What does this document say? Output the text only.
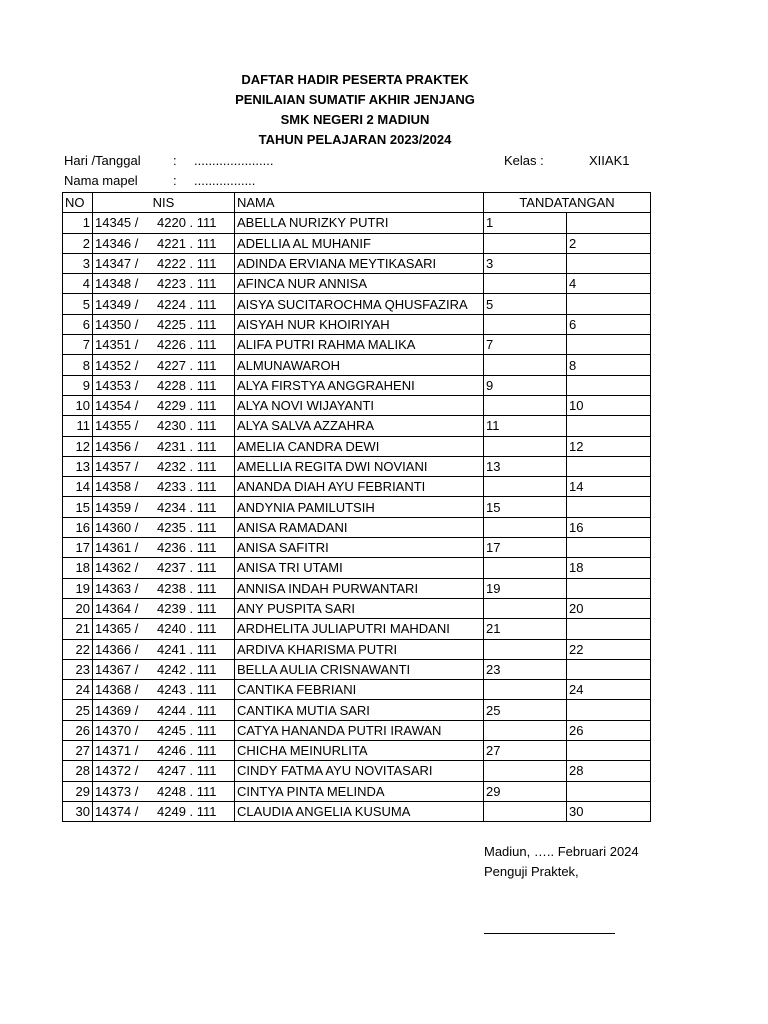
DAFTAR HADIR PESERTA PRAKTEK
PENILAIAN SUMATIF AKHIR JENJANG
SMK NEGERI 2 MADIUN
TAHUN PELAJARAN 2023/2024
Hari /Tanggal : ......................	Kelas :	XIIAK1
Nama mapel	: .................
NO	NIS	NAMA	TANDATANGAN	
1	14345 / 4220 . 111	ABELLA NURIZKY PUTRI	1	
2	14346 / 4221 . 111	ADELLIA AL MUHANIF		2
3	14347 / 4222 . 111	ADINDA ERVIANA MEYTIKASARI	3	
4	14348 / 4223 . 111	AFINCA NUR ANNISA		4
5	14349 / 4224 . 111	AISYA SUCITAROCHMA QHUSFAZIRA	5	
6	14350 / 4225 . 111	AISYAH NUR KHOIRIYAH		6
7	14351 / 4226 . 111	ALIFA PUTRI RAHMA MALIKA	7	
8	14352 / 4227 . 111	ALMUNAWAROH		8
9	14353 / 4228 . 111	ALYA FIRSTYA ANGGRAHENI	9	
10	14354 / 4229 . 111	ALYA NOVI WIJAYANTI		10
11	14355 / 4230 . 111	ALYA SALVA AZZAHRA	11	
12	14356 / 4231 . 111	AMELIA CANDRA DEWI		12
13	14357 / 4232 . 111	AMELLIA REGITA DWI NOVIANI	13	
14	14358 / 4233 . 111	ANANDA DIAH AYU FEBRIANTI		14
15	14359 / 4234 . 111	ANDYNIA PAMILUTSIH	15	
16	14360 / 4235 . 111	ANISA RAMADANI		16
17	14361 / 4236 . 111	ANISA SAFITRI	17	
18	14362 / 4237 . 111	ANISA TRI UTAMI		18
19	14363 / 4238 . 111	ANNISA INDAH PURWANTARI	19	
20	14364 / 4239 . 111	ANY PUSPITA SARI		20
21	14365 / 4240 . 111	ARDHELITA JULIAPUTRI MAHDANI	21	
22	14366 / 4241 . 111	ARDIVA KHARISMA PUTRI		22
23	14367 / 4242 . 111	BELLA AULIA CRISNAWANTI	23	
24	14368 / 4243 . 111	CANTIKA FEBRIANI		24
25	14369 / 4244 . 111	CANTIKA MUTIA SARI	25	
26	14370 / 4245 . 111	CATYA HANANDA PUTRI IRAWAN		26
27	14371 / 4246 . 111	CHICHA MEINURLITA	27	
28	14372 / 4247 . 111	CINDY FATMA AYU NOVITASARI		28
29	14373 / 4248 . 111	CINTYA PINTA MELINDA	29	
30	14374 / 4249 . 111	CLAUDIA ANGELIA KUSUMA		30
Madiun, ….. Februari 2024
Penguji Praktek,
